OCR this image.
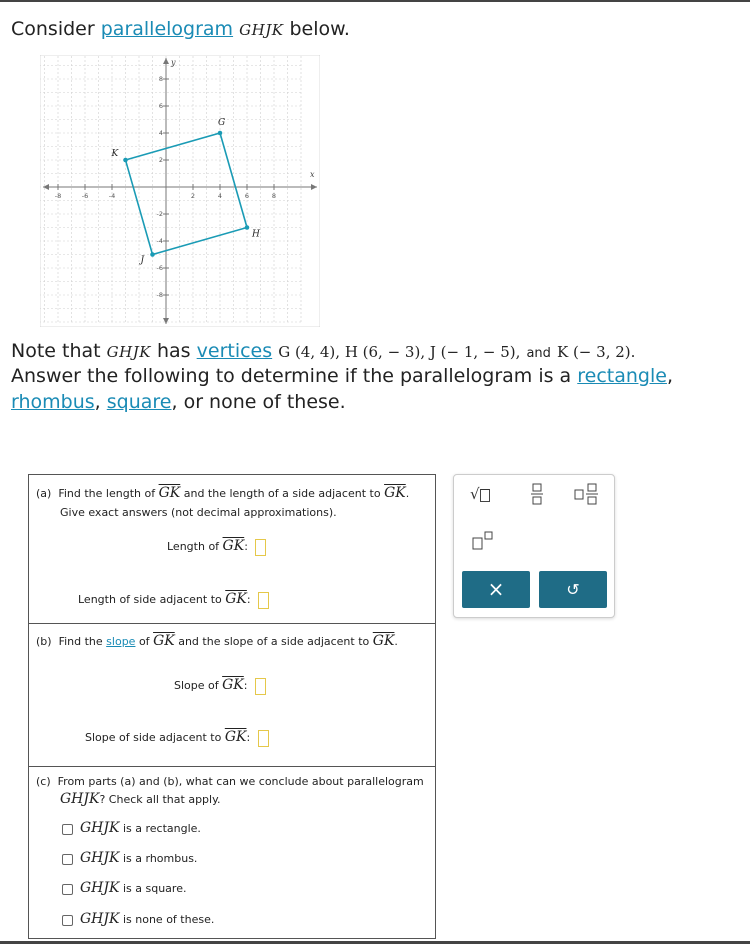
Consider parallelogram GHJK below.
x
y
-8	-6	-4	2	4	6	8
8
6
4
2
-2
-4
-6
-8
G
H
J
K
Note that GHJK has vertices G (4, 4), H (6, − 3), J (− 1, − 5), and K (− 3, 2).
Answer the following to determine if the parallelogram is a rectangle,
rhombus, square, or none of these.
(a) Find the length of $\overline{GK}$ and the length of a side adjacent to $\overline{GK}$.
Give exact answers (not decimal approximations).
Length of $\overline{GK}$:
Length of side adjacent to $\overline{GK}$:
(b) Find the slope of $\overline{GK}$ and the slope of a side adjacent to $\overline{GK}$.
Slope of $\overline{GK}$:
Slope of side adjacent to $\overline{GK}$:
(c) From parts (a) and (b), what can we conclude about parallelogram
GHJK? Check all that apply.
GHJK is a rectangle.
GHJK is a rhombus.
GHJK is a square.
GHJK is none of these.
√
×	↺
